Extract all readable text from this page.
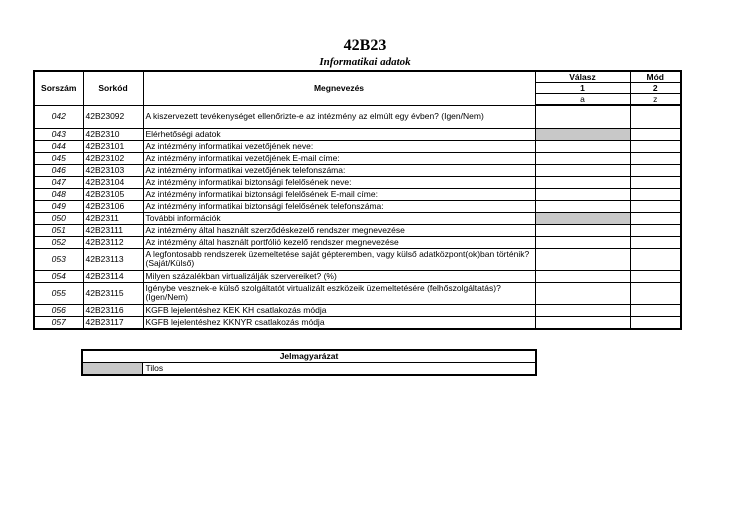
42B23
Informatikai adatok
Sorszám	Sorkód	Megnevezés	Válasz	Mód
			1	2
			a	z
042	42B23092	A kiszervezett tevékenységet ellenőrizte-e az intézmény az elmúlt egy évben? (Igen/Nem)		
043	42B2310	Elérhetőségi adatok		
044	42B23101	Az intézmény informatikai vezetőjének neve:		
045	42B23102	Az intézmény informatikai vezetőjének E-mail címe:		
046	42B23103	Az intézmény informatikai vezetőjének telefonszáma:		
047	42B23104	Az intézmény informatikai biztonsági felelősének neve:		
048	42B23105	Az intézmény informatikai biztonsági felelősének E-mail címe:		
049	42B23106	Az intézmény informatikai biztonsági felelősének telefonszáma:		
050	42B2311	További információk		
051	42B23111	Az intézmény által használt szerződéskezelő rendszer megnevezése		
052	42B23112	Az intézmény által használt portfólió kezelő rendszer megnevezése		
053	42B23113	A legfontosabb rendszerek üzemeltetése saját gépteremben, vagy külső adatközpont(ok)ban történik? (Saját/Külső)		
054	42B23114	Milyen százalékban virtualizálják szervereiket? (%)		
055	42B23115	Igénybe vesznek-e külső szolgáltatót virtualizált eszközeik üzemeltetésére (felhőszolgáltatás)? (Igen/Nem)		
056	42B23116	KGFB lejelentéshez KEK KH csatlakozás módja		
057	42B23117	KGFB lejelentéshez KKNYR csatlakozás módja		
Jelmagyarázat
	Tilos
